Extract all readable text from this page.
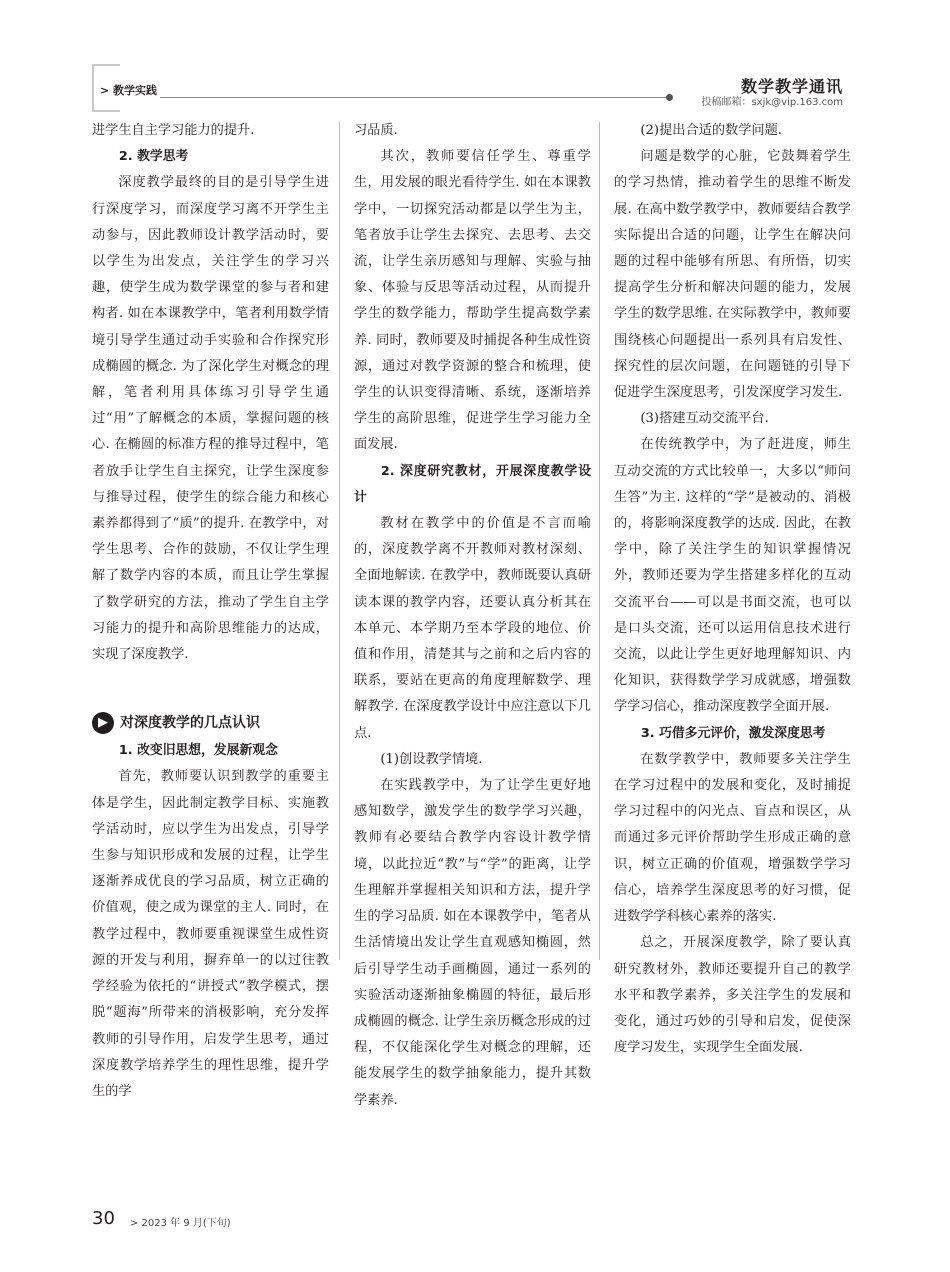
> 教学实践	数学教学通讯
投稿邮箱：sxjk@vip.163.com

进学生自主学习能力的提升.

2. 教学思考

深度教学最终的目的是引导学生进行深度学习，而深度学习离不开学生主动参与，因此教师设计教学活动时，要以学生为出发点，关注学生的学习兴趣，使学生成为数学课堂的参与者和建构者. 如在本课教学中，笔者利用数学情境引导学生通过动手实验和合作探究形成椭圆的概念. 为了深化学生对概念的理解，笔者利用具体练习引导学生通过“用”了解概念的本质，掌握问题的核心. 在椭圆的标准方程的推导过程中，笔者放手让学生自主探究，让学生深度参与推导过程，使学生的综合能力和核心素养都得到了“质”的提升. 在教学中，对学生思考、合作的鼓励，不仅让学生理解了数学内容的本质，而且让学生掌握了数学研究的方法，推动了学生自主学习能力的提升和高阶思维能力的达成，实现了深度教学.

▶ 对深度教学的几点认识
1. 改变旧思想，发展新观念

首先，教师要认识到教学的重要主体是学生，因此制定教学目标、实施教学活动时，应以学生为出发点，引导学生参与知识形成和发展的过程，让学生逐渐养成优良的学习品质，树立正确的价值观，使之成为课堂的主人. 同时，在教学过程中，教师要重视课堂生成性资源的开发与利用，摒弃单一的以过往教学经验为依托的“讲授式”教学模式，摆脱“题海”所带来的消极影响，充分发挥教师的引导作用，启发学生思考，通过深度教学培养学生的理性思维，提升学生的学

习品质.

其次，教师要信任学生、尊重学生，用发展的眼光看待学生. 如在本课教学中，一切探究活动都是以学生为主，笔者放手让学生去探究、去思考、去交流，让学生亲历感知与理解、实验与抽象、体验与反思等活动过程，从而提升学生的数学能力，帮助学生提高数学素养. 同时，教师要及时捕捉各种生成性资源，通过对教学资源的整合和梳理，使学生的认识变得清晰、系统，逐渐培养学生的高阶思维，促进学生学习能力全面发展.

2. 深度研究教材，开展深度教学设计

教材在教学中的价值是不言而喻的，深度教学离不开教师对教材深刻、全面地解读. 在教学中，教师既要认真研读本课的教学内容，还要认真分析其在本单元、本学期乃至本学段的地位、价值和作用，清楚其与之前和之后内容的联系，要站在更高的角度理解数学、理解教学. 在深度教学设计中应注意以下几点.

(1)创设教学情境.

在实践教学中，为了让学生更好地感知数学，激发学生的数学学习兴趣，教师有必要结合教学内容设计教学情境，以此拉近“教”与“学”的距离，让学生理解并掌握相关知识和方法，提升学生的学习品质. 如在本课教学中，笔者从生活情境出发让学生直观感知椭圆，然后引导学生动手画椭圆，通过一系列的实验活动逐渐抽象椭圆的特征，最后形成椭圆的概念. 让学生亲历概念形成的过程，不仅能深化学生对概念的理解，还能发展学生的数学抽象能力，提升其数学素养.

(2)提出合适的数学问题.

问题是数学的心脏，它鼓舞着学生的学习热情，推动着学生的思维不断发展. 在高中数学教学中，教师要结合教学实际提出合适的问题，让学生在解决问题的过程中能够有所思、有所悟，切实提高学生分析和解决问题的能力，发展学生的数学思维. 在实际教学中，教师要围绕核心问题提出一系列具有启发性、探究性的层次问题，在问题链的引导下促进学生深度思考，引发深度学习发生.

(3)搭建互动交流平台.

在传统教学中，为了赶进度，师生互动交流的方式比较单一，大多以“师问生答”为主. 这样的“学”是被动的、消极的，将影响深度教学的达成. 因此，在教学中，除了关注学生的知识掌握情况外，教师还要为学生搭建多样化的互动交流平台——可以是书面交流，也可以是口头交流，还可以运用信息技术进行交流，以此让学生更好地理解知识、内化知识，获得数学学习成就感，增强数学学习信心，推动深度教学全面开展.

3. 巧借多元评价，激发深度思考

在数学教学中，教师要多关注学生在学习过程中的发展和变化，及时捕捉学习过程中的闪光点、盲点和误区，从而通过多元评价帮助学生形成正确的意识，树立正确的价值观，增强数学学习信心，培养学生深度思考的好习惯，促进数学学科核心素养的落实.

总之，开展深度教学，除了要认真研究教材外，教师还要提升自己的教学水平和教学素养，多关注学生的发展和变化，通过巧妙的引导和启发，促使深度学习发生，实现学生全面发展.

30 > 2023 年 9 月(下旬)
